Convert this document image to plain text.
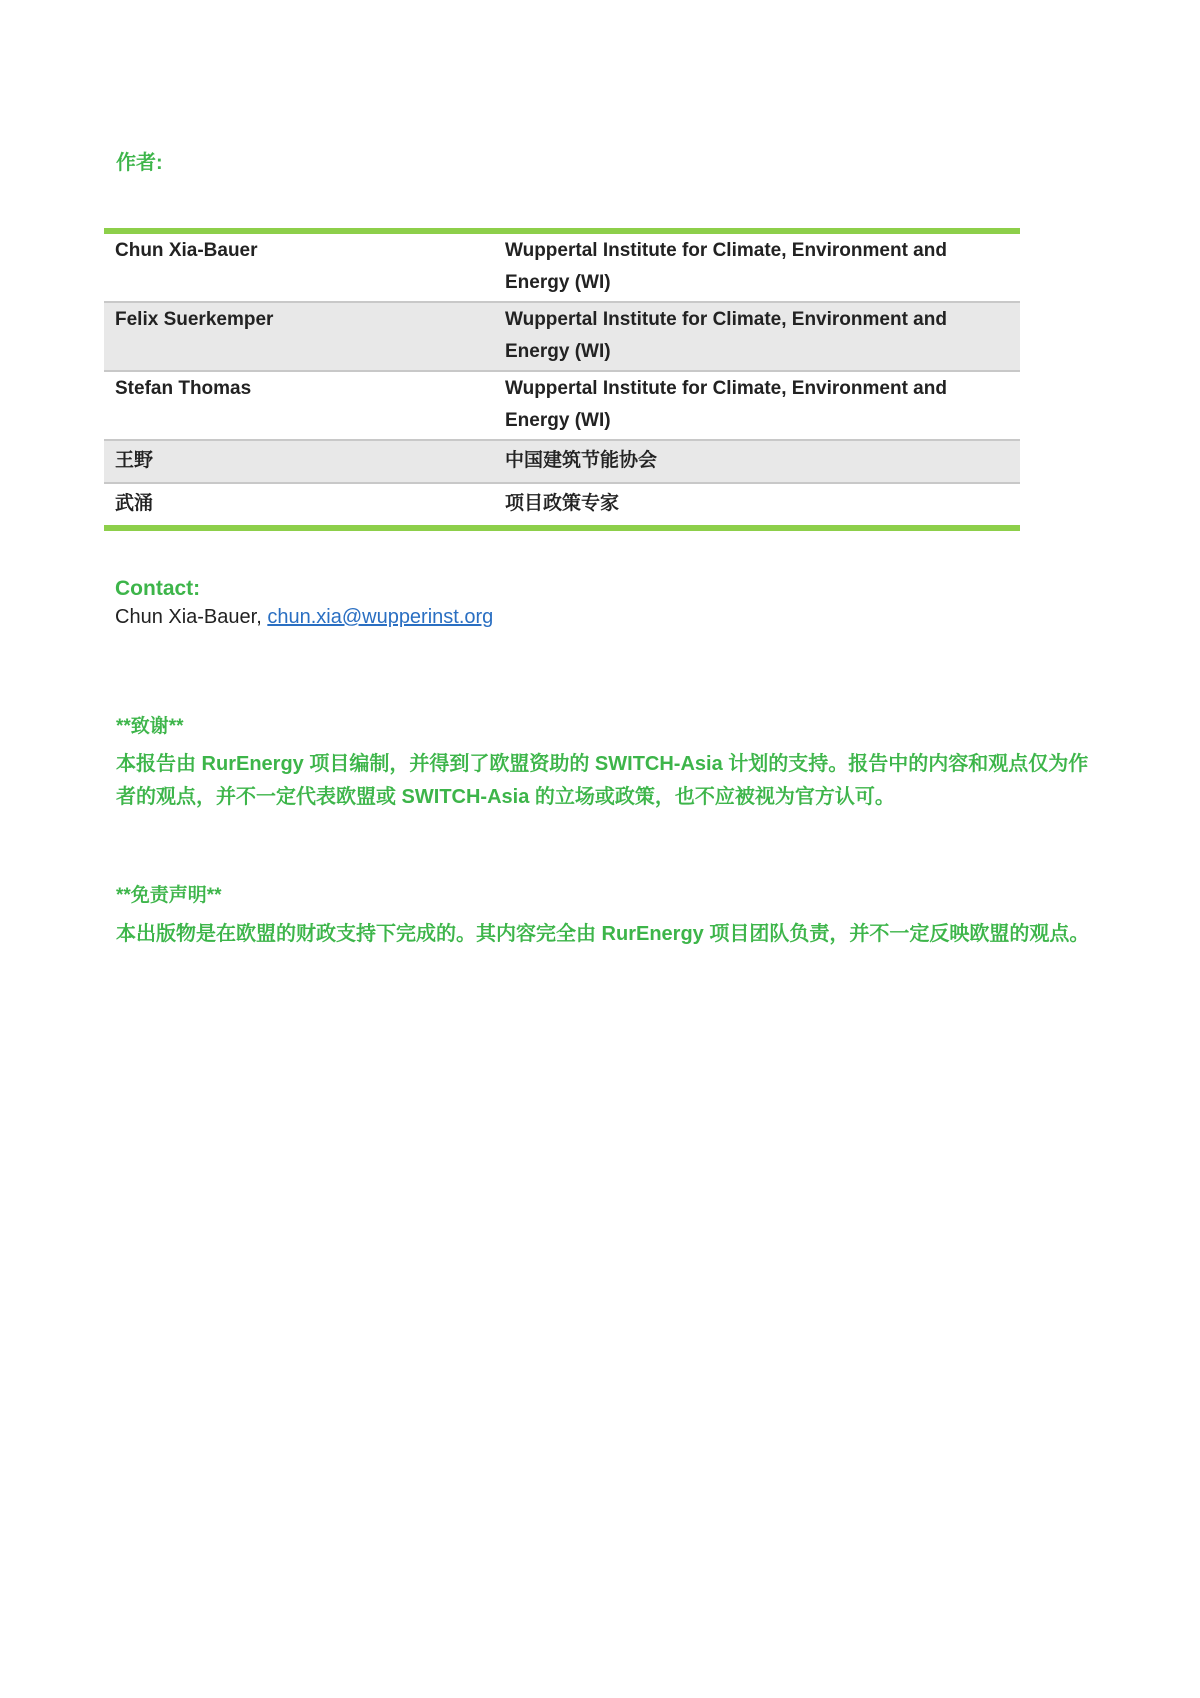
作者:
Chun Xia-Bauer	Wuppertal Institute for Climate, Environment and Energy (WI)
Felix Suerkemper	Wuppertal Institute for Climate, Environment and Energy (WI)
Stefan Thomas	Wuppertal Institute for Climate, Environment and Energy (WI)
王野	中国建筑节能协会
武涌	项目政策专家
Contact:
Chun Xia-Bauer, chun.xia@wupperinst.org
**致谢**
本报告由 RurEnergy 项目编制，并得到了欧盟资助的 SWITCH-Asia 计划的支持。报告中的内容和观点仅为作者的观点，并不一定代表欧盟或 SWITCH-Asia 的立场或政策，也不应被视为官方认可。
**免责声明**
本出版物是在欧盟的财政支持下完成的。其内容完全由 RurEnergy 项目团队负责，并不一定反映欧盟的观点。
